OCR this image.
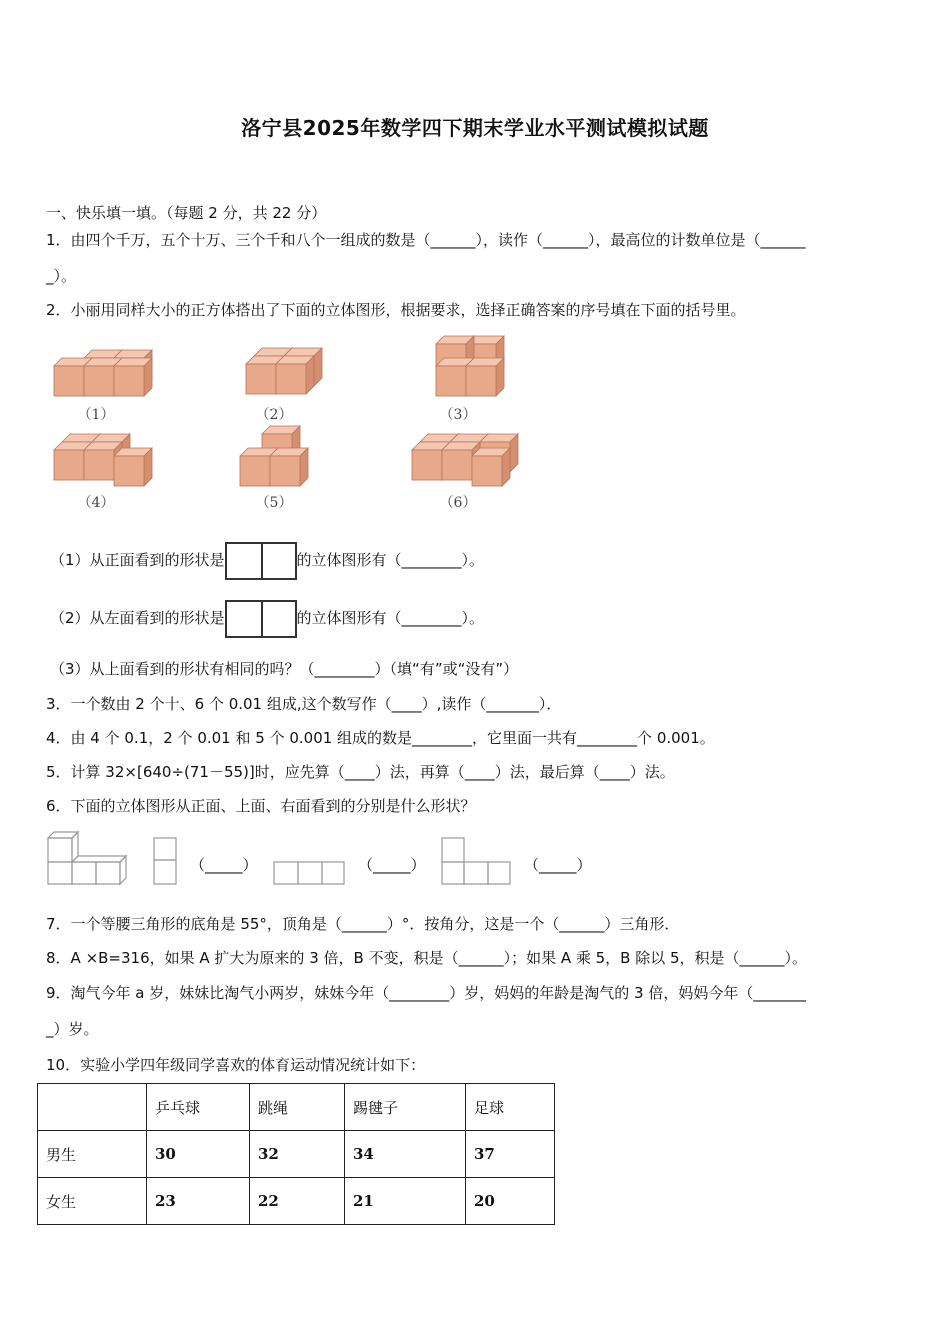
洛宁县2025年数学四下期末学业水平测试模拟试题
一、快乐填一填。（每题 2 分，共 22 分）
1．由四个千万，五个十万、三个千和八个一组成的数是（______），读作（______），最高位的计数单位是（______
_）。
2．小丽用同样大小的正方体搭出了下面的立体图形，根据要求，选择正确答案的序号填在下面的括号里。
（1）	（2）	（3）
（4）	（5）	（6）
（1）从正面看到的形状是	的立体图形有（________）。
（2）从左面看到的形状是	的立体图形有（________）。
（3）从上面看到的形状有相同的吗？（________）（填“有”或“没有”）
3．一个数由 2 个十、6 个 0.01 组成,这个数写作（____）,读作（_______）．
4．由 4 个 0.1，2 个 0.01 和 5 个 0.001 组成的数是________，它里面一共有________个 0.001。
5．计算 32×[640÷(71－55)]时，应先算（____）法，再算（____）法，最后算（____）法。
6．下面的立体图形从正面、上面、右面看到的分别是什么形状？
（_____）	（_____）	（_____）
7．一个等腰三角形的底角是 55°，顶角是（______）°．按角分，这是一个（______）三角形．
8．A ×B=316，如果 A 扩大为原来的 3 倍，B 不变，积是（______）；如果 A 乘 5，B 除以 5，积是（______）。
9．淘气今年 a 岁，妹妹比淘气小两岁，妹妹今年（________）岁，妈妈的年龄是淘气的 3 倍，妈妈今年（_______
_）岁。
10．实验小学四年级同学喜欢的体育运动情况统计如下：
	乒乓球	跳绳	踢毽子	足球
男生	30	32	34	37
女生	23	22	21	20
